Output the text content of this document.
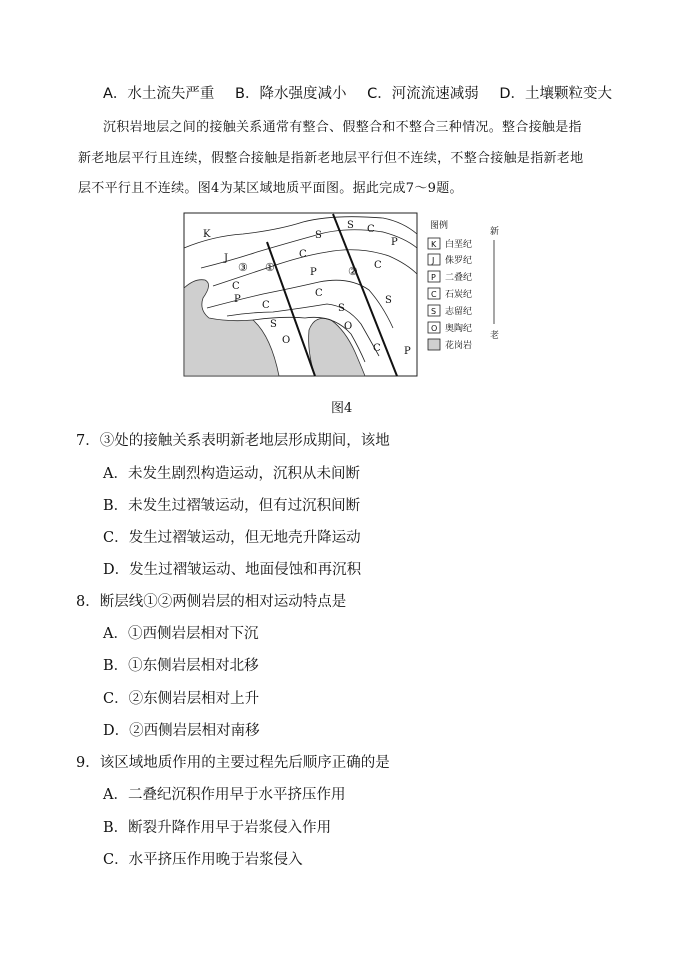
A．水土流失严重 B．降水强度减小 C．河流流速减弱 D．土壤颗粒变大
沉积岩地层之间的接触关系通常有整合、假整合和不整合三种情况。整合接触是指
新老地层平行且连续，假整合接触是指新老地层平行但不连续，不整合接触是指新老地
层不平行且不连续。图4为某区域地质平面图。据此完成7～9题。
K
J
C
P
C
S
O
C
P
C
S
O
S
S C
P
C
S
C P
③ ①	②
图例
K 白垩纪
J 侏罗纪
P 二叠纪
C 石炭纪
S 志留纪
O 奥陶纪
花岗岩
新
老
图4
7．③处的接触关系表明新老地层形成期间，该地
A．未发生剧烈构造运动，沉积从未间断
B．未发生过褶皱运动，但有过沉积间断
C．发生过褶皱运动，但无地壳升降运动
D．发生过褶皱运动、地面侵蚀和再沉积
8．断层线①②两侧岩层的相对运动特点是
A．①西侧岩层相对下沉
B．①东侧岩层相对北移
C．②东侧岩层相对上升
D．②西侧岩层相对南移
9．该区域地质作用的主要过程先后顺序正确的是
A．二叠纪沉积作用早于水平挤压作用
B．断裂升降作用早于岩浆侵入作用
C．水平挤压作用晚于岩浆侵入
